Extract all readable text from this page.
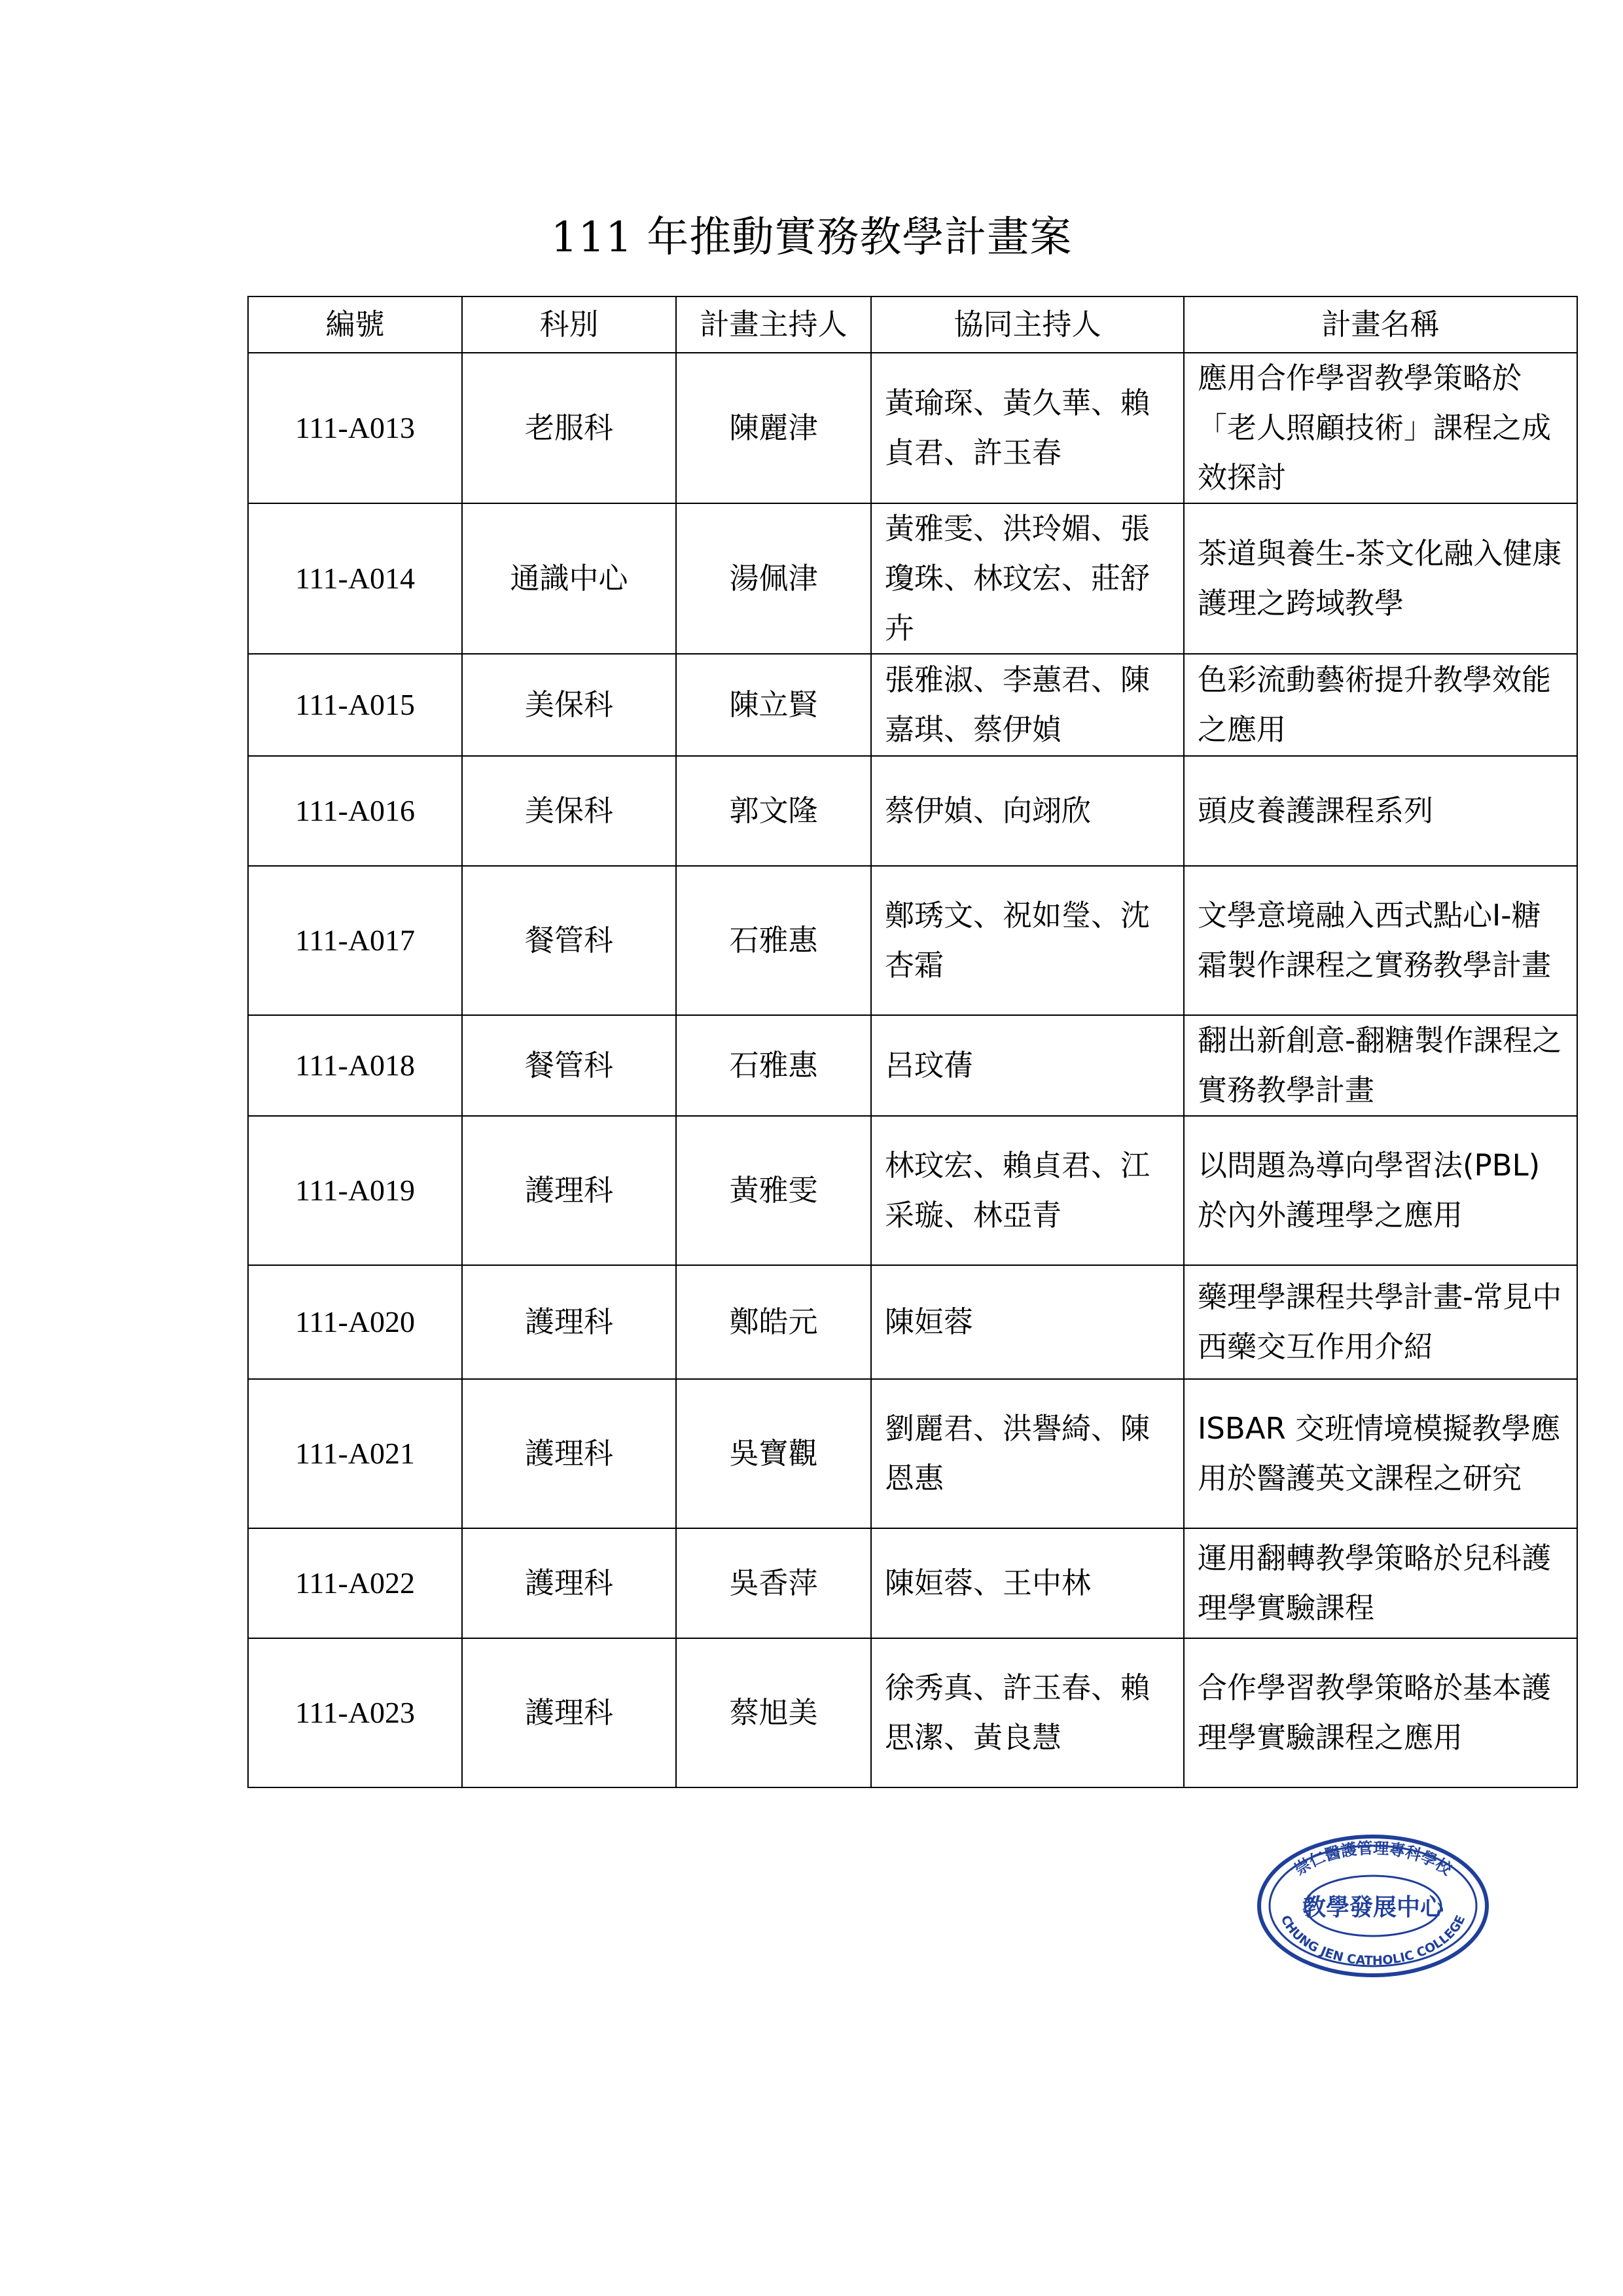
111 年推動實務教學計畫案
編號	科別	計畫主持人	協同主持人	計畫名稱
111-A013	老服科	陳麗津	黃瑜琛、黃久華、賴貞君、許玉春	應用合作學習教學策略於「老人照顧技術」課程之成效探討
111-A014	通識中心	湯佩津	黃雅雯、洪玲媚、張瓊珠、林玟宏、莊舒卉	茶道與養生-茶文化融入健康護理之跨域教學
111-A015	美保科	陳立賢	張雅淑、李蕙君、陳嘉琪、蔡伊媜	色彩流動藝術提升教學效能之應用
111-A016	美保科	郭文隆	蔡伊媜、向翊欣	頭皮養護課程系列
111-A017	餐管科	石雅惠	鄭琇文、祝如瑩、沈杏霜	文學意境融入西式點心I-糖霜製作課程之實務教學計畫
111-A018	餐管科	石雅惠	呂玟蒨	翻出新創意-翻糖製作課程之實務教學計畫
111-A019	護理科	黃雅雯	林玟宏、賴貞君、江采璇、林亞青	以問題為導向學習法(PBL)於內外護理學之應用
111-A020	護理科	鄭皓元	陳姮蓉	藥理學課程共學計畫-常見中西藥交互作用介紹
111-A021	護理科	吳寶觀	劉麗君、洪譽綺、陳恩惠	ISBAR 交班情境模擬教學應用於醫護英文課程之研究
111-A022	護理科	吳香萍	陳姮蓉、王中林	運用翻轉教學策略於兒科護理學實驗課程
111-A023	護理科	蔡旭美	徐秀真、許玉春、賴思潔、黃良慧	合作學習教學策略於基本護理學實驗課程之應用
崇仁醫護管理專科學校
教學發展中心
CHUNG JEN CATHOLIC COLLEGE
